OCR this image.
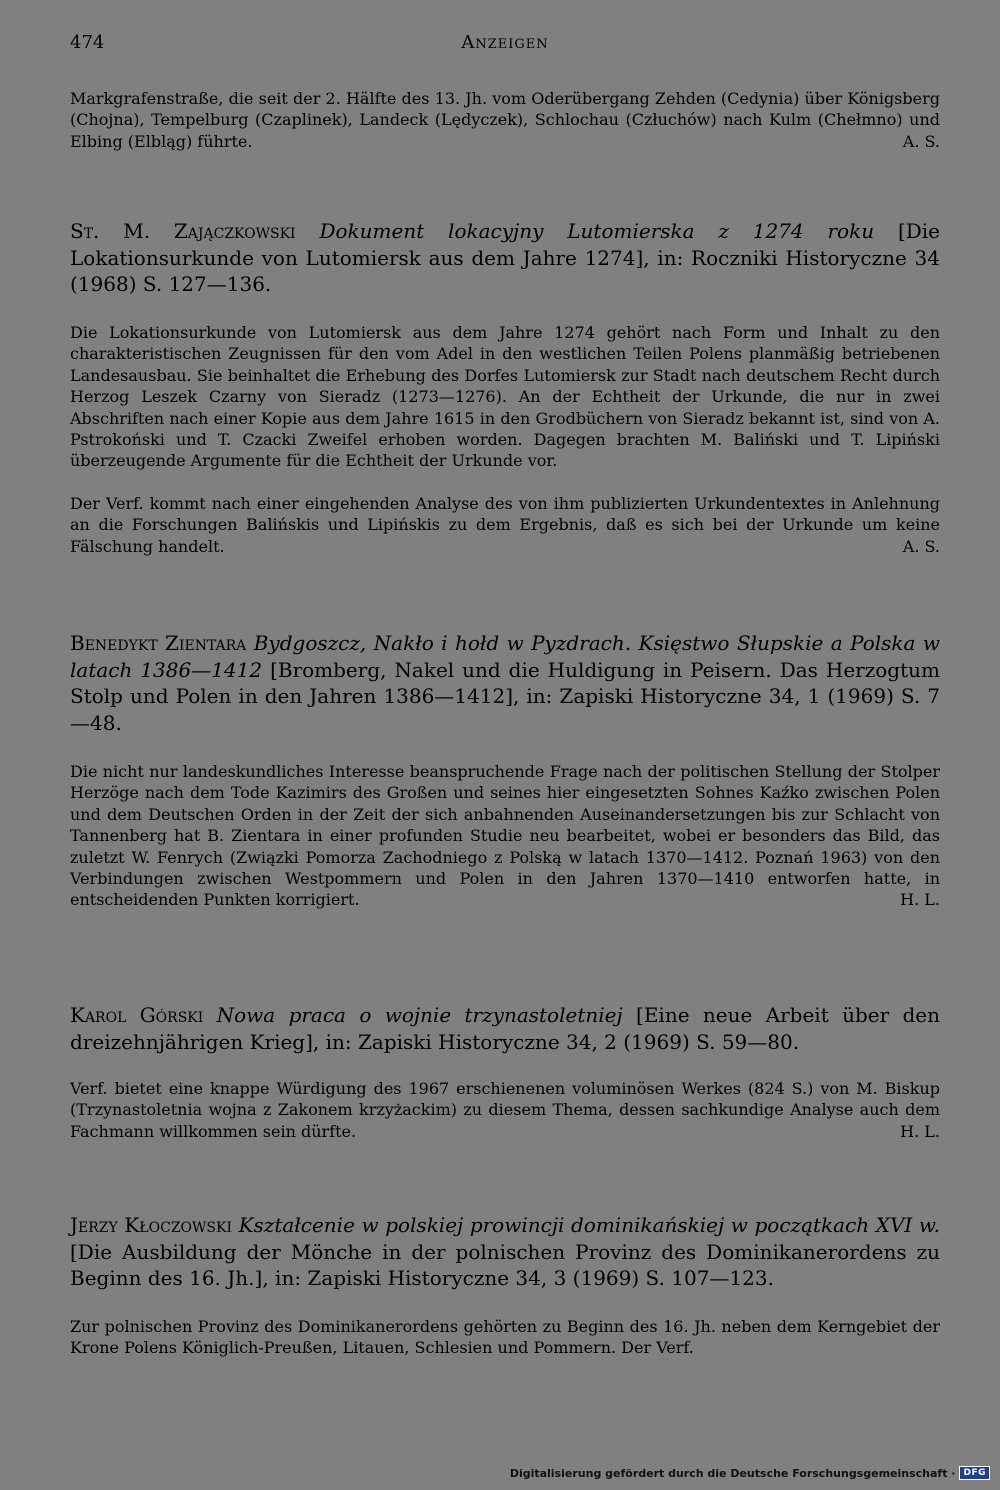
474	Anzeigen
Markgrafenstraße, die seit der 2. Hälfte des 13. Jh. vom Oderübergang Zehden (Cedynia) über Königsberg (Chojna), Tempelburg (Czaplinek), Landeck (Lędyczek), Schlochau (Człuchów) nach Kulm (Chełmno) und Elbing (Elbląg) führte.	A. S.
St. M. Zajączkowski Dokument lokacyjny Lutomierska z 1274 roku [Die Lokationsurkunde von Lutomiersk aus dem Jahre 1274], in: Roczniki Historyczne 34 (1968) S. 127—136.
Die Lokationsurkunde von Lutomiersk aus dem Jahre 1274 gehört nach Form und Inhalt zu den charakteristischen Zeugnissen für den vom Adel in den westlichen Teilen Polens planmäßig betriebenen Landesausbau. Sie beinhaltet die Erhebung des Dorfes Lutomiersk zur Stadt nach deutschem Recht durch Herzog Leszek Czarny von Sieradz (1273—1276). An der Echtheit der Urkunde, die nur in zwei Abschriften nach einer Kopie aus dem Jahre 1615 in den Grodbüchern von Sieradz bekannt ist, sind von A. Pstrokoński und T. Czacki Zweifel erhoben worden. Dagegen brachten M. Baliński und T. Lipiński überzeugende Argumente für die Echtheit der Urkunde vor.
Der Verf. kommt nach einer eingehenden Analyse des von ihm publizierten Urkundentextes in Anlehnung an die Forschungen Balińskis und Lipińskis zu dem Ergebnis, daß es sich bei der Urkunde um keine Fälschung handelt.	A. S.
Benedykt Zientara Bydgoszcz, Nakło i hołd w Pyzdrach. Księstwo Słupskie a Polska w latach 1386—1412 [Bromberg, Nakel und die Huldigung in Peisern. Das Herzogtum Stolp und Polen in den Jahren 1386—1412], in: Zapiski Historyczne 34, 1 (1969) S. 7—48.
Die nicht nur landeskundliches Interesse beanspruchende Frage nach der politischen Stellung der Stolper Herzöge nach dem Tode Kazimirs des Großen und seines hier eingesetzten Sohnes Kaźko zwischen Polen und dem Deutschen Orden in der Zeit der sich anbahnenden Auseinandersetzungen bis zur Schlacht von Tannenberg hat B. Zientara in einer profunden Studie neu bearbeitet, wobei er besonders das Bild, das zuletzt W. Fenrych (Związki Pomorza Zachodniego z Polską w latach 1370—1412. Poznań 1963) von den Verbindungen zwischen Westpommern und Polen in den Jahren 1370—1410 entworfen hatte, in entscheidenden Punkten korrigiert.	H. L.
Karol Górski Nowa praca o wojnie trzynastoletniej [Eine neue Arbeit über den dreizehnjährigen Krieg], in: Zapiski Historyczne 34, 2 (1969) S. 59—80.
Verf. bietet eine knappe Würdigung des 1967 erschienenen voluminösen Werkes (824 S.) von M. Biskup (Trzynastoletnia wojna z Zakonem krzyżackim) zu diesem Thema, dessen sachkundige Analyse auch dem Fachmann willkommen sein dürfte.	H. L.
Jerzy Kłoczowski Kształcenie w polskiej prowincji dominikańskiej w początkach XVI w. [Die Ausbildung der Mönche in der polnischen Provinz des Dominikanerordens zu Beginn des 16. Jh.], in: Zapiski Historyczne 34, 3 (1969) S. 107—123.
Zur polnischen Provinz des Dominikanerordens gehörten zu Beginn des 16. Jh. neben dem Kerngebiet der Krone Polens Königlich-Preußen, Litauen, Schlesien und Pommern. Der Verf.
Digitalisierung gefördert durch die Deutsche Forschungsgemeinschaft · DFG
